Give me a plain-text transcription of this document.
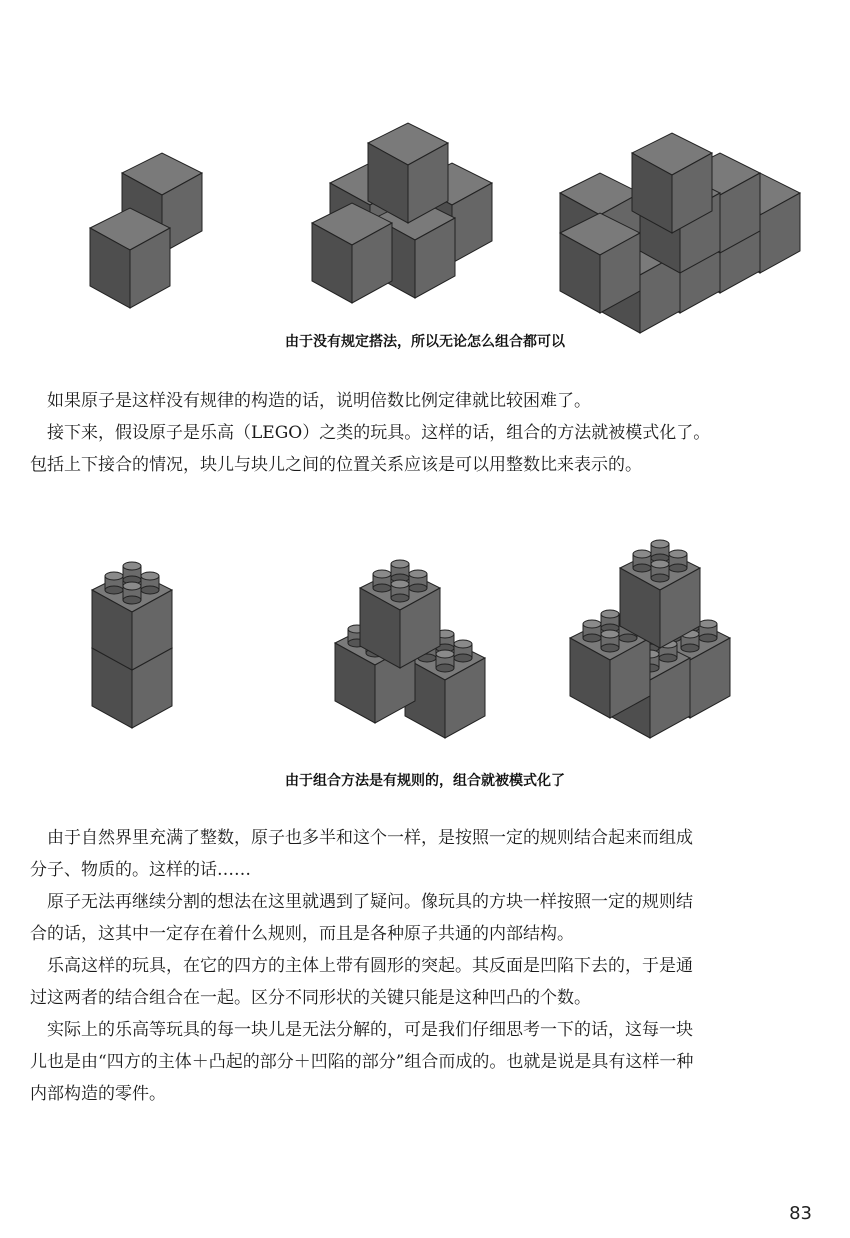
由于没有规定搭法，所以无论怎么组合都可以
　如果原子是这样没有规律的构造的话，说明倍数比例定律就比较困难了。
　接下来，假设原子是乐高（LEGO）之类的玩具。这样的话，组合的方法就被模式化了。
包括上下接合的情况，块儿与块儿之间的位置关系应该是可以用整数比来表示的。
由于组合方法是有规则的，组合就被模式化了
　由于自然界里充满了整数，原子也多半和这个一样，是按照一定的规则结合起来而组成
分子、物质的。这样的话……
　原子无法再继续分割的想法在这里就遇到了疑问。像玩具的方块一样按照一定的规则结
合的话，这其中一定存在着什么规则，而且是各种原子共通的内部结构。
　乐高这样的玩具，在它的四方的主体上带有圆形的突起。其反面是凹陷下去的，于是通
过这两者的结合组合在一起。区分不同形状的关键只能是这种凹凸的个数。
　实际上的乐高等玩具的每一块儿是无法分解的，可是我们仔细思考一下的话，这每一块
儿也是由“四方的主体＋凸起的部分＋凹陷的部分”组合而成的。也就是说是具有这样一种
内部构造的零件。
83
